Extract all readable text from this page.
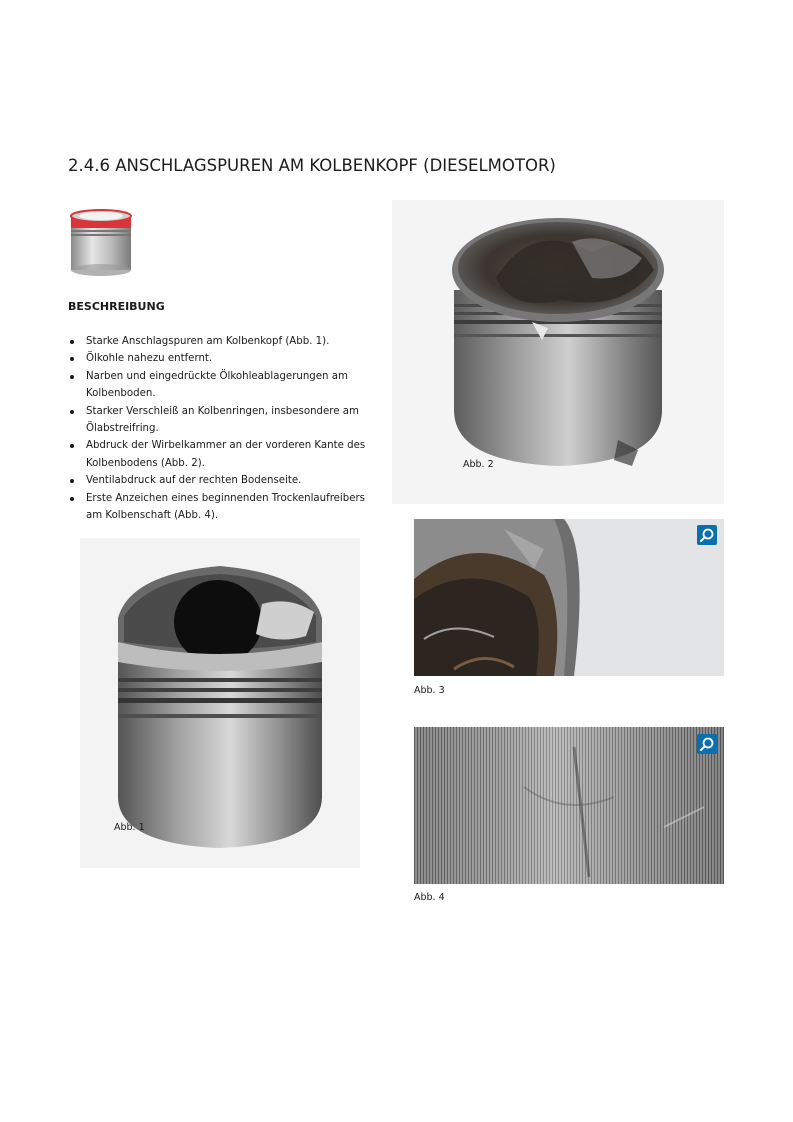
2.4.6 ANSCHLAGSPUREN AM KOLBENKOPF (DIESELMOTOR)
BESCHREIBUNG
Starke Anschlagspuren am Kolbenkopf (Abb. 1).
Ölkohle nahezu entfernt.
Narben und eingedrückte Ölkohleablagerungen am Kolbenboden.
Starker Verschleiß an Kolbenringen, insbesondere am Ölabstreifring.
Abdruck der Wirbelkammer an der vorderen Kante des Kolbenbodens (Abb. 2).
Ventilabdruck auf der rechten Bodenseite.
Erste Anzeichen eines beginnenden Trockenlaufreibers am Kolbenschaft (Abb. 4).
Abb. 2
Abb. 3
Abb. 1
Abb. 4
